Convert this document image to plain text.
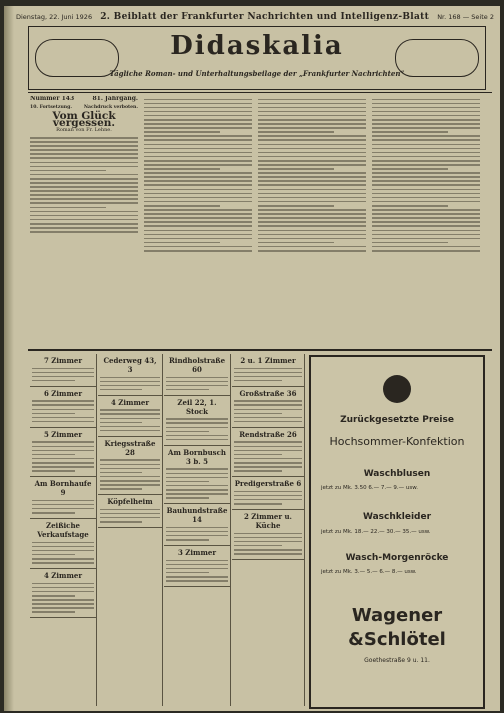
Dienstag, 22. Juni 1926 2. Beiblatt der Frankfurter Nachrichten und Intelligenz-Blatt Nr. 168 — Seite 2
Didaskalia
Tägliche Roman- und Unterhaltungsbeilage der „Frankfurter Nachrichten“
Nummer 143	81. Jahrgang.
10. Fortsetzung.	Nachdruck verboten.
Vom Glück vergessen.
Roman von Fr. Lehne.
7 Zimmer
6 Zimmer
5 Zimmer
Am Bornhaufe 9
Zeißiche Verkaufstage
4 Zimmer
Cederweg 43, 3
4 Zimmer
Kriegsstraße 28
Köpfelheim
Rindholstraße 60
Zeil 22, 1. Stock
Am Bornbusch 3 b. 5
Bauhundstraße 14
3 Zimmer
2 u. 1 Zimmer
Großstraße 36
Rendstraße 26
Predigerstraße 6
2 Zimmer u. Küche
Zurückgesetzte Preise
Hochsommer-Konfektion
Waschblusen
jetzt zu Mk. 3.50 6.— 7.— 9.— usw.
Waschkleider
jetzt zu Mk. 18.— 22.— 30.— 35.— usw.
Wasch-Morgenröcke
jetzt zu Mk. 3.— 5.— 6.— 8.— usw.
Wagener
&Schlötel
Goethestraße 9 u. 11.
